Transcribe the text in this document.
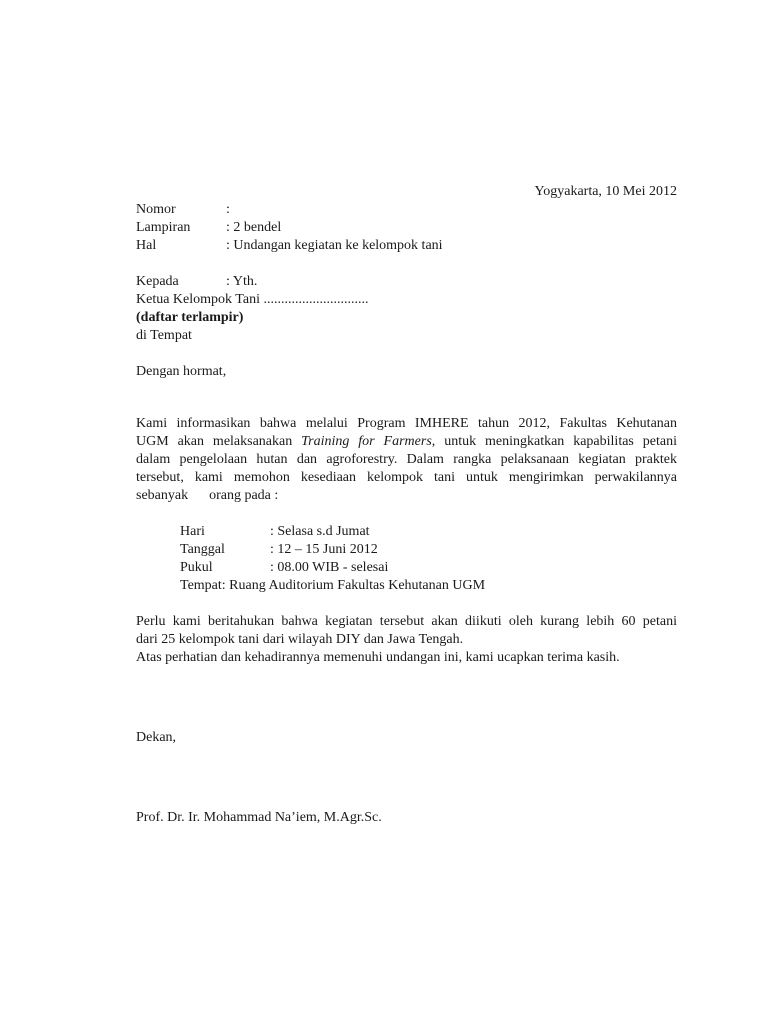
Yogyakarta, 10 Mei 2012
Nomor	:
Lampiran	: 2 bendel
Hal	: Undangan kegiatan ke kelompok tani
Kepada	: Yth.
Ketua Kelompok Tani ..............................
(daftar terlampir)
di Tempat
Dengan hormat,
Kami informasikan bahwa melalui Program IMHERE tahun 2012, Fakultas Kehutanan
UGM akan melaksanakan Training for Farmers, untuk meningkatkan kapabilitas petani
dalam pengelolaan hutan dan agroforestry. Dalam rangka pelaksanaan kegiatan praktek
tersebut, kami memohon kesediaan kelompok tani untuk mengirimkan perwakilannya
sebanyak      orang pada :
Hari	: Selasa s.d Jumat
Tanggal	: 12 – 15 Juni 2012
Pukul	: 08.00 WIB - selesai
Tempat: Ruang Auditorium Fakultas Kehutanan UGM
Perlu kami beritahukan bahwa kegiatan tersebut akan diikuti oleh kurang lebih 60 petani
dari 25 kelompok tani dari wilayah DIY dan Jawa Tengah.
Atas perhatian dan kehadirannya memenuhi undangan ini, kami ucapkan terima kasih.
Dekan,
Prof. Dr. Ir. Mohammad Na’iem, M.Agr.Sc.
